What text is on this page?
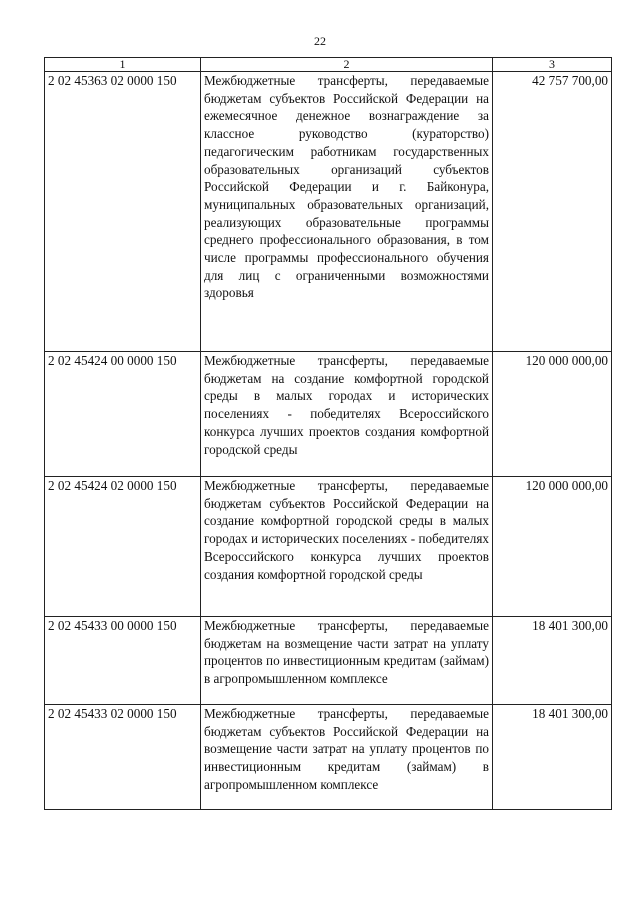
22
1	2	3
2 02 45363 02 0000 150	Межбюджетные трансферты, передаваемые бюджетам субъектов Российской Федерации на ежемесячное денежное вознаграждение за классное руководство (кураторство) педагогическим работникам государственных образовательных организаций субъектов Российской Федерации и г. Байконура, муниципальных образовательных организаций, реализующих образовательные программы среднего профессионального образования, в том числе программы профессионального обучения для лиц с ограниченными возможностями здоровья	42 757 700,00
2 02 45424 00 0000 150	Межбюджетные трансферты, передаваемые бюджетам на создание комфортной городской среды в малых городах и исторических поселениях - победителях Всероссийского конкурса лучших проектов создания комфортной городской среды	120 000 000,00
2 02 45424 02 0000 150	Межбюджетные трансферты, передаваемые бюджетам субъектов Российской Федерации на создание комфортной городской среды в малых городах и исторических поселениях - победителях Всероссийского конкурса лучших проектов создания комфортной городской среды	120 000 000,00
2 02 45433 00 0000 150	Межбюджетные трансферты, передаваемые бюджетам на возмещение части затрат на уплату процентов по инвестиционным кредитам (займам) в агропромышленном комплексе	18 401 300,00
2 02 45433 02 0000 150	Межбюджетные трансферты, передаваемые бюджетам субъектов Российской Федерации на возмещение части затрат на уплату процентов по инвестиционным кредитам (займам) в агропромышленном комплексе	18 401 300,00
